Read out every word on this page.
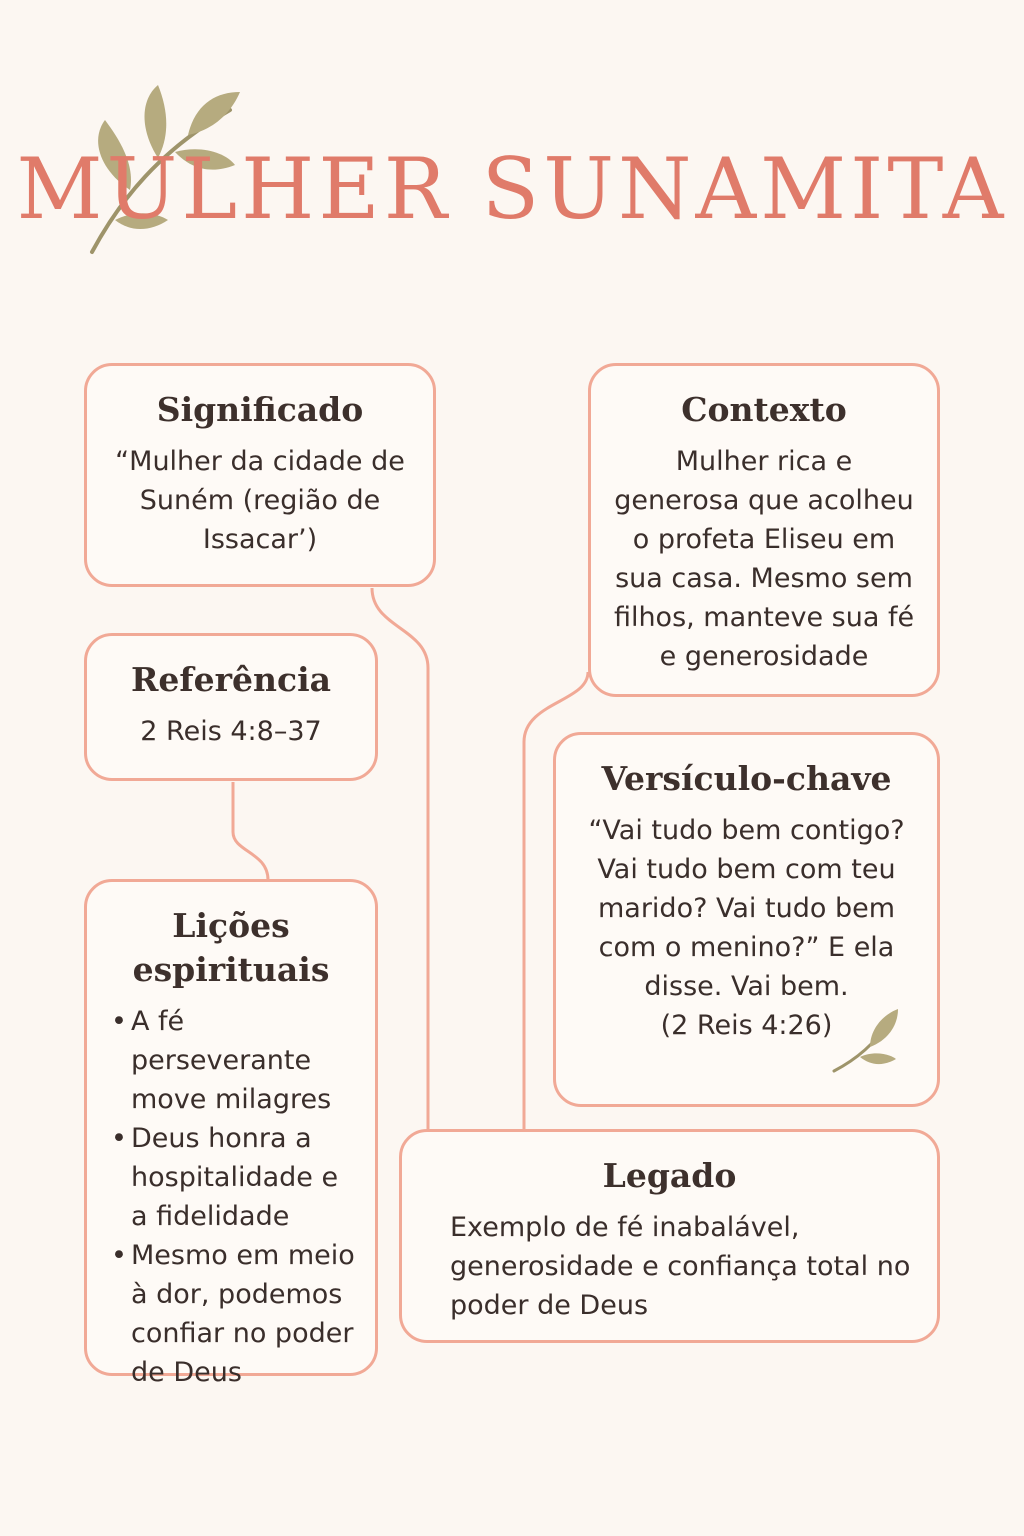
MULHER SUNAMITA
Significado

“Mulher da cidade de Suném (região de Issacar’)

Contexto

Mulher rica e generosa que acolheu o profeta Eliseu em sua casa. Mesmo sem filhos, manteve sua fé e generosidade

Referência

2 Reis 4:8–37

Versículo-chave

“Vai tudo bem contigo? Vai tudo bem com teu marido? Vai tudo bem com o menino?” E ela disse. Vai bem.

(2 Reis 4:26)

Lições espirituais
• A fé perseverante move milagres
• Deus honra a hospitalidade e a fidelidade
• Mesmo em meio à dor, podemos confiar no poder de Deus
Legado

Exemplo de fé inabalável, generosidade e confiança total no poder de Deus
